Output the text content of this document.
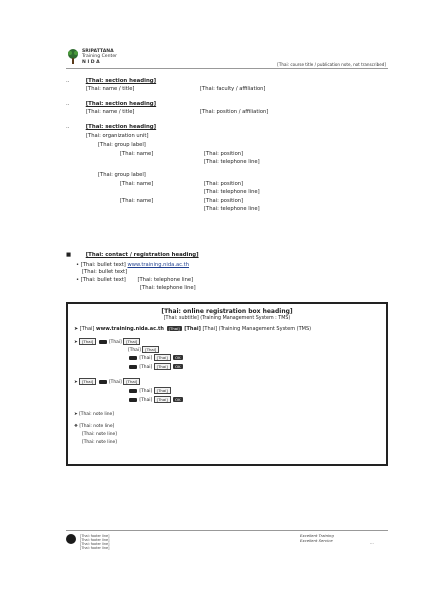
SRIPATTANA
Training Center
N I D A	[Thai: course title / publication note, not transcribed]
..	[Thai: section heading]
[Thai: name / title]	[Thai: faculty / affiliation]
..	[Thai: section heading]
[Thai: name / title]	[Thai: position / affiliation]
..	[Thai: section heading]
[Thai: organization unit]
[Thai: group label]
[Thai: name]	[Thai: position]
[Thai: telephone line]
[Thai: group label]
[Thai: name]	[Thai: position]
[Thai: telephone line]
[Thai: name]	[Thai: position]
[Thai: telephone line]
■	[Thai: contact / registration heading]
• [Thai: bullet text] www.training.nida.ac.th
[Thai: bullet text]
• [Thai: bullet text] [Thai: telephone line]
[Thai: telephone line]
[Thai: online registration box heading]
[Thai: subtitle] (Training Management System : TMS)
➤ [Thai] www.training.nida.ac.th [Thai] [Thai] [Thai] (Training Management System (TMS)
➤ [Thai]	[Thai] [Thai]
[Thai] [Thai]
[Thai] [Thai] OK
[Thai] [Thai] OK
➤ [Thai]	[Thai] [Thai]
[Thai] [Thai]
[Thai] [Thai] OK
➤ [Thai: note line]
❖ [Thai: note line]
[Thai: note line]
[Thai: note line]
[Thai: footer line]
[Thai: footer line]
[Thai: footer line]
[Thai: footer line]
Excellent Training
Excellent Service	...
